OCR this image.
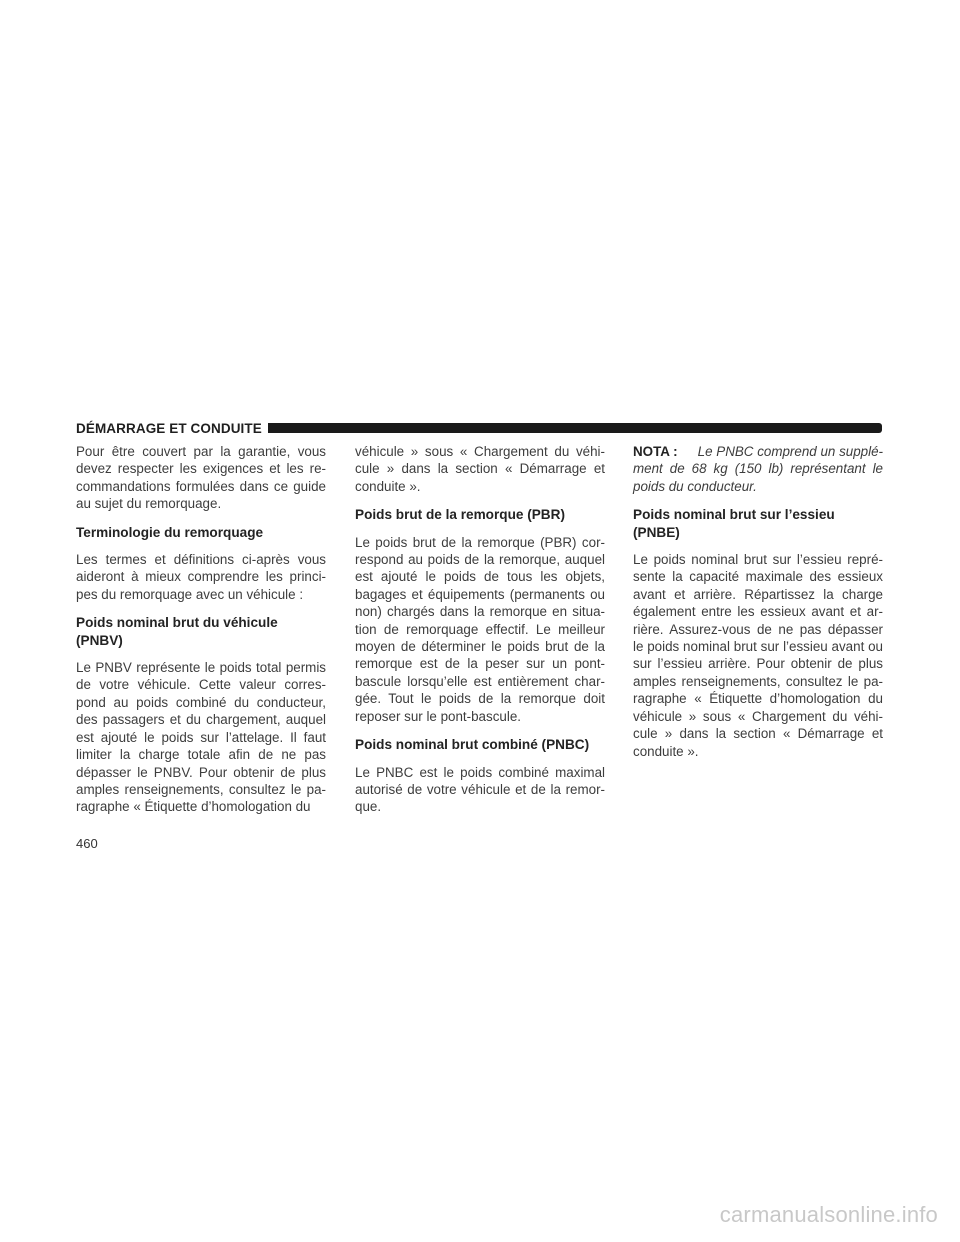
DÉMARRAGE ET CONDUITE

Pour être couvert par la garantie, vous devez respecter les exigences et les re-commandations formulées dans ce guide au sujet du remorquage.

Terminologie du remorquage

Les termes et définitions ci-après vous aideront à mieux comprendre les princi-pes du remorquage avec un véhicule :

Poids nominal brut du véhicule (PNBV)

Le PNBV représente le poids total permis de votre véhicule. Cette valeur corres-pond au poids combiné du conducteur, des passagers et du chargement, auquel est ajouté le poids sur l’attelage. Il faut limiter la charge totale afin de ne pas dépasser le PNBV. Pour obtenir de plus amples renseignements, consultez le pa-ragraphe « Étiquette d’homologation du

véhicule » sous « Chargement du véhi-cule » dans la section « Démarrage et conduite ».

Poids brut de la remorque (PBR)

Le poids brut de la remorque (PBR) cor-respond au poids de la remorque, auquel est ajouté le poids de tous les objets, bagages et équipements (permanents ou non) chargés dans la remorque en situa-tion de remorquage effectif. Le meilleur moyen de déterminer le poids brut de la remorque est de la peser sur un pont-bascule lorsqu’elle est entièrement char-gée. Tout le poids de la remorque doit reposer sur le pont-bascule.

Poids nominal brut combiné (PNBC)

Le PNBC est le poids combiné maximal autorisé de votre véhicule et de la remor-que.

NOTA : Le PNBC comprend un supplé-ment de 68 kg (150 lb) représentant le poids du conducteur.

Poids nominal brut sur l’essieu (PNBE)

Le poids nominal brut sur l’essieu repré-sente la capacité maximale des essieux avant et arrière. Répartissez la charge également entre les essieux avant et ar-rière. Assurez-vous de ne pas dépasser le poids nominal brut sur l’essieu avant ou sur l’essieu arrière. Pour obtenir de plus amples renseignements, consultez le pa-ragraphe « Étiquette d’homologation du véhicule » sous « Chargement du véhi-cule » dans la section « Démarrage et conduite ».

460
carmanualsonline.info
